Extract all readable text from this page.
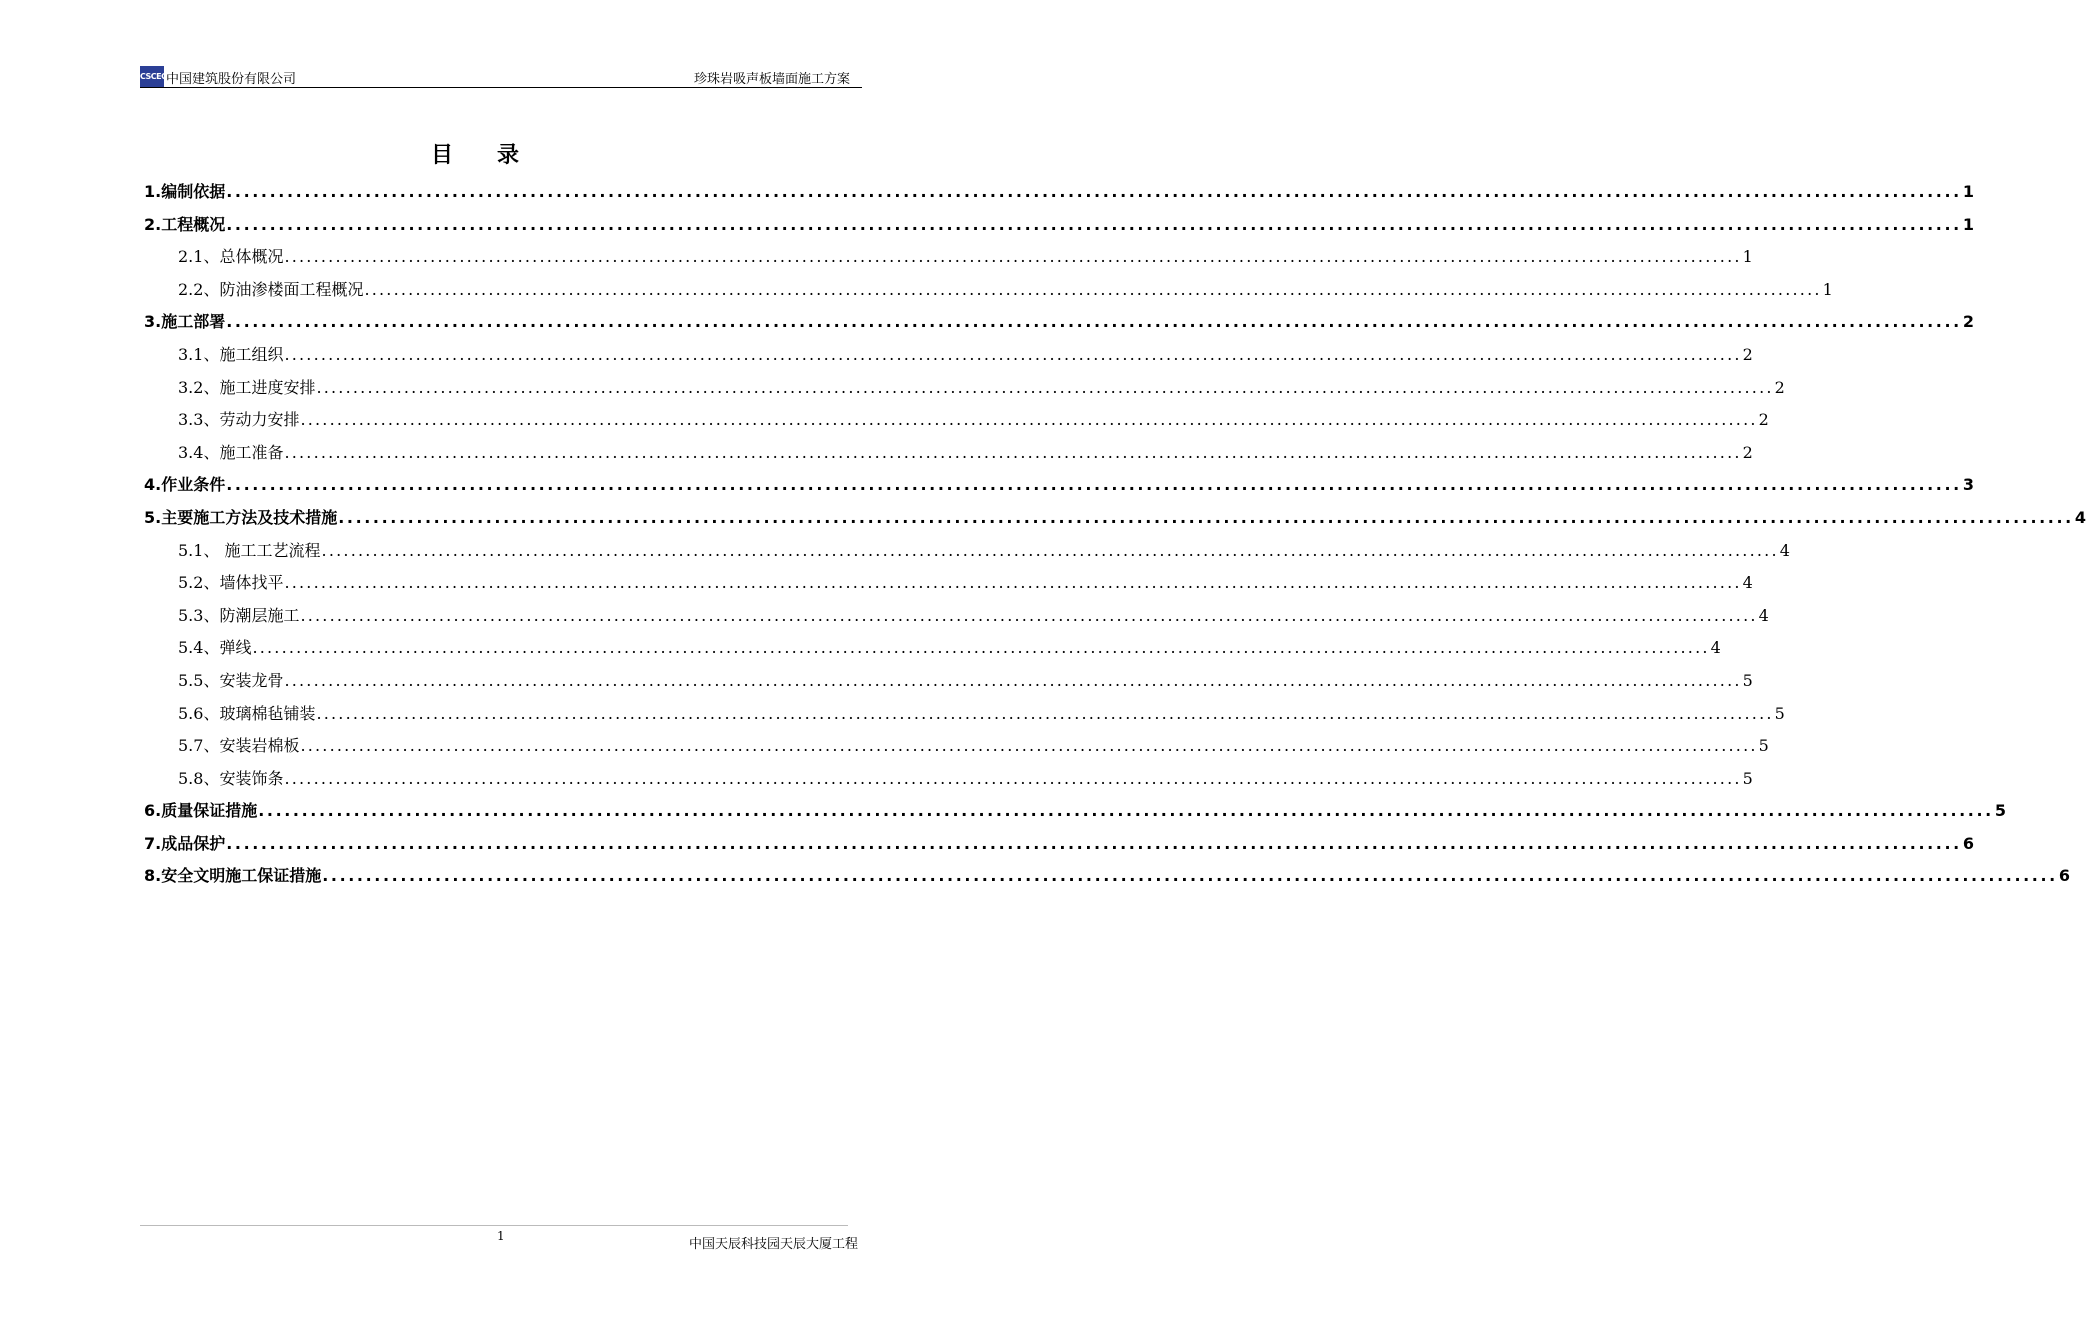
CSCEC 中国建筑股份有限公司	珍珠岩吸声板墙面施工方案
目录
1.编制依据 ........................................................................................................................................................................................................ 1
2.工程概况 ........................................................................................................................................................................................................ 1
2.1、总体概况 ........................................................................................................................................................................................................ 1
2.2、防油渗楼面工程概况 ........................................................................................................................................................................................................ 1
3.施工部署 ........................................................................................................................................................................................................ 2
3.1、施工组织 ........................................................................................................................................................................................................ 2
3.2、施工进度安排 ........................................................................................................................................................................................................ 2
3.3、劳动力安排 ........................................................................................................................................................................................................ 2
3.4、施工准备 ........................................................................................................................................................................................................ 2
4.作业条件 ........................................................................................................................................................................................................ 3
5.主要施工方法及技术措施 ........................................................................................................................................................................................................ 4
5.1、 施工工艺流程 ........................................................................................................................................................................................................ 4
5.2、墙体找平 ........................................................................................................................................................................................................ 4
5.3、防潮层施工 ........................................................................................................................................................................................................ 4
5.4、弹线 ........................................................................................................................................................................................................ 4
5.5、安装龙骨 ........................................................................................................................................................................................................ 5
5.6、玻璃棉毡铺装 ........................................................................................................................................................................................................ 5
5.7、安装岩棉板 ........................................................................................................................................................................................................ 5
5.8、安装饰条 ........................................................................................................................................................................................................ 5
6.质量保证措施 ........................................................................................................................................................................................................ 5
7.成品保护 ........................................................................................................................................................................................................ 6
8.安全文明施工保证措施 ........................................................................................................................................................................................................ 6
1
中国天辰科技园天辰大厦工程
